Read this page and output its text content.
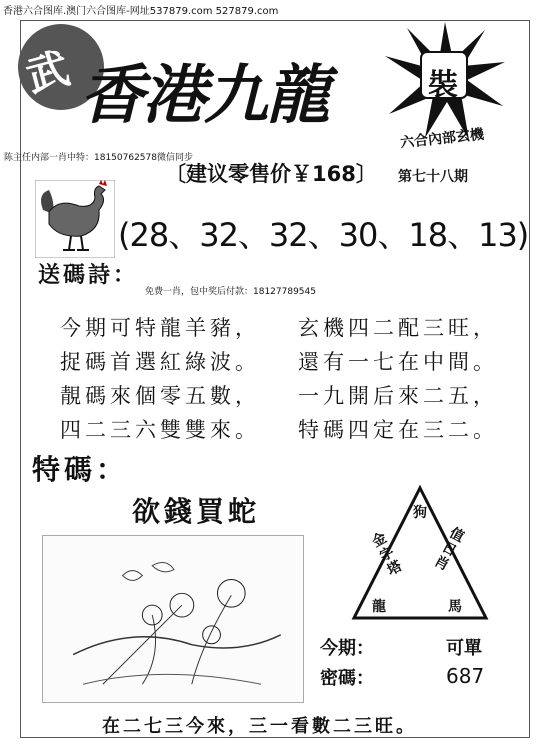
香港六合图库.澳门六合图库-网址537879.com 527879.com
武 香港九龍	裝
六合內部玄機
陈主任内部一肖中特：18150762578微信同步
〔建议零售价￥168〕 第七十八期
(28、32、32、30、18、13)
送碼詩：
免费一肖，包中奖后付款：18127789545
今期可特龍羊豬， 玄機四二配三旺，
捉碼首選紅綠波。 還有一七在中間。
靚碼來個零五數， 一九開后來二五，
四二三六雙雙來。 特碼四定在三二。
特碼：
欲錢買蛇	狗
金字塔
值日肖
龍	馬
今期：	可單
密碼：	687
在二七三今來，三一看數二三旺。
